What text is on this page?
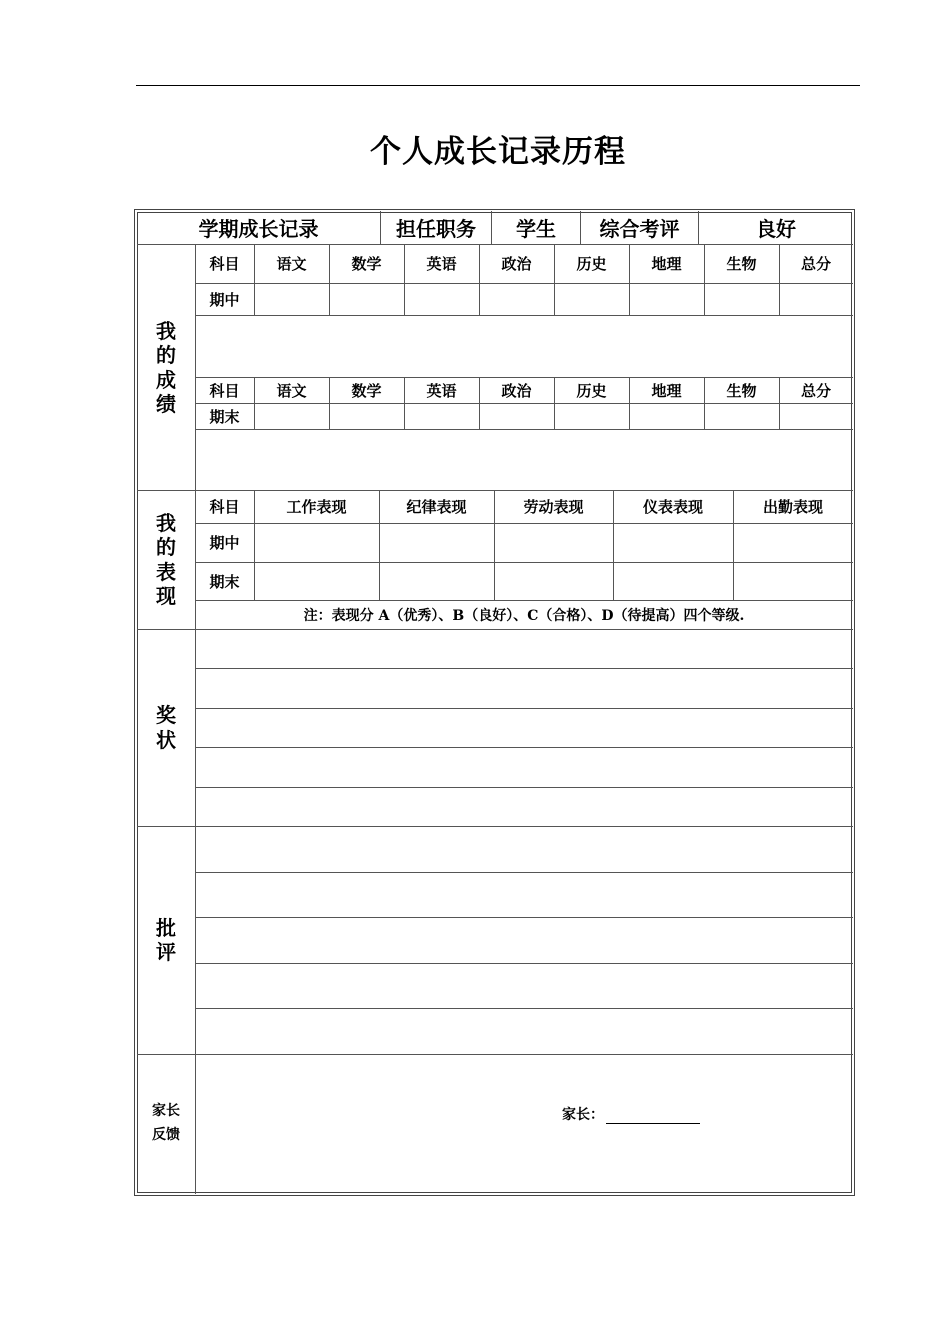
个人成长记录历程
学期成长记录	担任职务	学生	综合考评	良好
我
的
成
绩
科目	语文	数学	英语	政治	历史	地理	生物	总分
期中
科目	语文	数学	英语	政治	历史	地理	生物	总分
期末
我
的
表
现
科目	工作表现	纪律表现	劳动表现	仪表表现	出勤表现
期中
期末
注：表现分 A（优秀）、B（良好）、C（合格）、D（待提高）四个等级.
奖
状
批
评
家长
反馈
家长：
